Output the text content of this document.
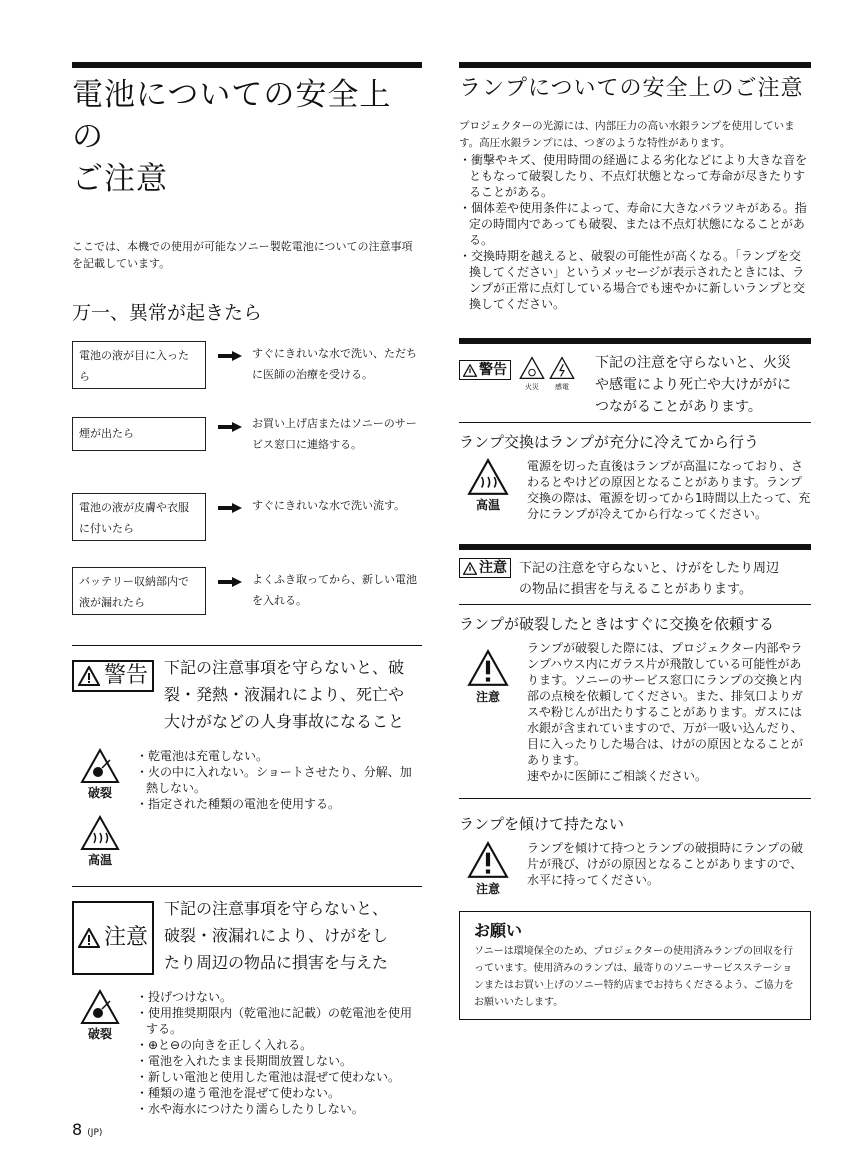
電池についての安全上の
ご注意
ここでは、本機での使用が可能なソニー製乾電池についての注意事項を記載しています。
万一、異常が起きたら
電池の液が目に入ったら
すぐにきれいな水で洗い、ただちに医師の治療を受ける。
煙が出たら
お買い上げ店またはソニーのサービス窓口に連絡する。
電池の液が皮膚や衣服に付いたら
すぐにきれいな水で洗い流す。
バッテリー収納部内で液が漏れたら
よくふき取ってから、新しい電池を入れる。
警告 下記の注意事項を守らないと、破裂・発熱・液漏れにより、死亡や大けがなどの人身事故になること
破裂
高温
・乾電池は充電しない。
・火の中に入れない。ショートさせたり、分解、加熱しない。
・指定された種類の電池を使用する。
注意
下記の注意事項を守らないと、破裂・液漏れにより、けがをしたり周辺の物品に損害を与えた
破裂
・投げつけない。
・使用推奨期限内（乾電池に記載）の乾電池を使用する。
・⊕と⊖の向きを正しく入れる。
・電池を入れたまま長期間放置しない。
・新しい電池と使用した電池は混ぜて使わない。
・種類の違う電池を混ぜて使わない。
・水や海水につけたり濡らしたりしない。
ランプについての安全上のご注意
プロジェクターの光源には、内部圧力の高い水銀ランプを使用しています。高圧水銀ランプには、つぎのような特性があります。
・衝撃やキズ、使用時間の経過による劣化などにより大きな音をともなって破裂したり、不点灯状態となって寿命が尽きたりすることがある。
・個体差や使用条件によって、寿命に大きなバラツキがある。指定の時間内であっても破裂、または不点灯状態になることがある。
・交換時期を越えると、破裂の可能性が高くなる。「ランプを交換してください」というメッセージが表示されたときには、ランプが正常に点灯している場合でも速やかに新しいランプと交換してください。
警告
火災	感電
下記の注意を守らないと、火災や感電により死亡や大けががにつながることがあります。
ランプ交換はランプが充分に冷えてから行う
高温
電源を切った直後はランプが高温になっており、さわるとやけどの原因となることがあります。ランプ交換の際は、電源を切ってから1時間以上たって、充分にランプが冷えてから行なってください。
注意 下記の注意を守らないと、けがをしたり周辺の物品に損害を与えることがあります。
ランプが破裂したときはすぐに交換を依頼する
注意
ランプが破裂した際には、プロジェクター内部やランプハウス内にガラス片が飛散している可能性があります。ソニーのサービス窓口にランプの交換と内部の点検を依頼してください。また、排気口よりガスや粉じんが出たりすることがあります。ガスには水銀が含まれていますので、万が一吸い込んだり、目に入ったりした場合は、けがの原因となることがあります。
速やかに医師にご相談ください。
ランプを傾けて持たない
注意
ランプを傾けて持つとランプの破損時にランプの破片が飛び、けがの原因となることがありますので、水平に持ってください。
お願い
ソニーは環境保全のため、プロジェクターの使用済みランプの回収を行っています。使用済みのランプは、最寄りのソニーサービスステーションまたはお買い上げのソニー特約店までお持ちくださるよう、ご協力をお願いいたします。
8 (JP)
